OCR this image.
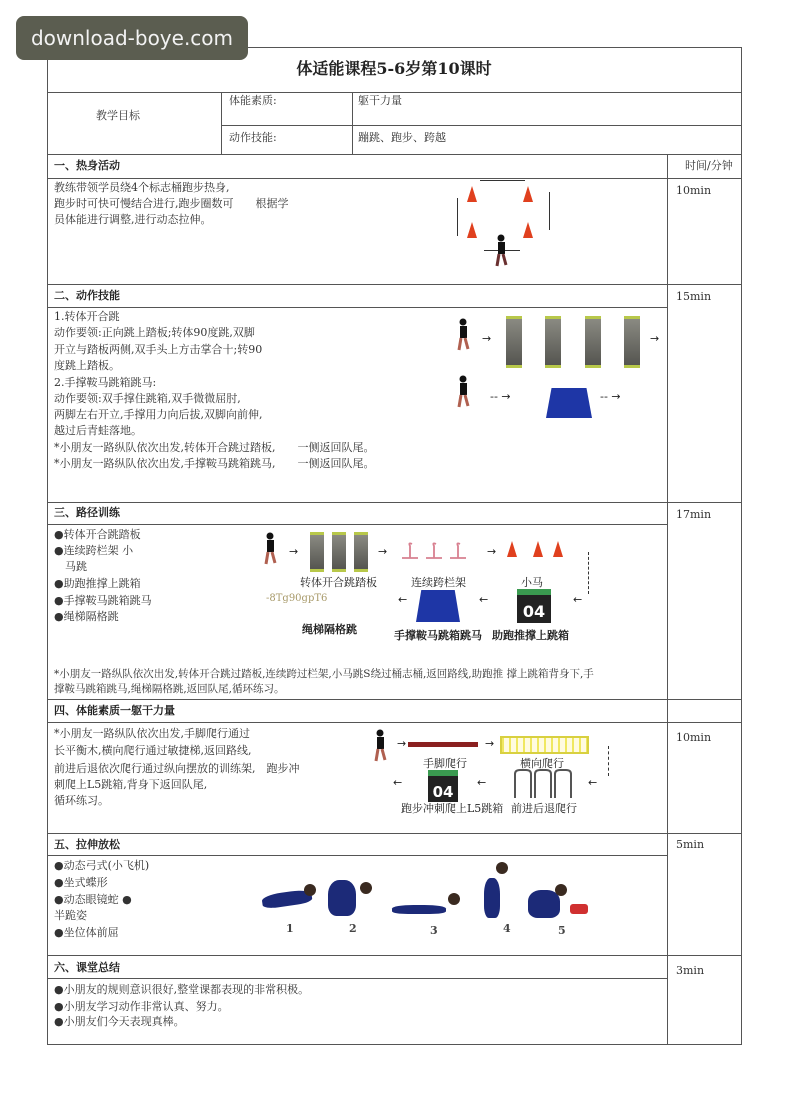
download-boye.com
体适能课程5-6岁第10课时
教学目标
体能素质:	躯干力量
动作技能:	蹦跳、跑步、跨越
一、热身活动	时间/分钟
10min
教练带领学员绕4个标志桶跑步热身,
跑步时可快可慢结合进行,跑步圈数可　　根据学
员体能进行调整,进行动态拉伸。
二、动作技能	15min
1.转体开合跳
动作要领:正向跳上踏板;转体90度跳,双脚
开立与踏板两侧,双手头上方击掌合十;转90
度跳上踏板。
2.手撑鞍马跳箱跳马:
动作要领:双手撑住跳箱,双手微微屈肘,
两脚左右开立,手撑用力向后拔,双脚向前伸,
越过后青蛙落地。
*小朋友一路纵队依次出发,转体开合跳过踏板,　　一侧返回队尾。
*小朋友一路纵队依次出发,手撑鞍马跳箱跳马,　　一侧返回队尾。
→	→
-- →	-- →
三、路径训练	17min
●转体开合跳踏板
●连续跨栏架 小
　马跳
●助跑推撑上跳箱
●手撑鞍马跳箱跳马
●绳梯隔格跳
→	→	→
转体开合跳踏板	连续跨栏架	小马
-8Tg90gpT6	←	←
04
←
绳梯隔格跳	手撑鞍马跳箱跳马 助跑推撑上跳箱
*小朋友一路纵队依次出发,转体开合跳过踏板,连续跨过栏架,小马跳S绕过桶志桶,返回路线,助跑推 撑上跳箱背身下,手
撑鞍马跳箱跳马,绳梯隔格跳,返回队尾,循环练习。
四、体能素质一躯干力量
10min
*小朋友一路纵队依次出发,手脚爬行通过
长平衡木,横向爬行通过敏捷梯,返回路线,
前进后退依次爬行通过纵向摆放的训练架,　跑步冲
刺爬上L5跳箱,背身下返回队尾,
循环练习。
→	→
手脚爬行	横向爬行
←
04
←	←
跑步冲刺爬上L5跳箱 前进后退爬行
五、拉伸放松	5min
●动态弓式(小飞机)
●坐式蝶形
●动态眼镜蛇 ●
半跪姿
●坐位体前屈	1	2	3	4	5
六、课堂总结	3min
●小朋友的规则意识很好,整堂课都表现的非常积极。
●小朋友学习动作非常认真、努力。
●小朋友们今天表现真棒。
